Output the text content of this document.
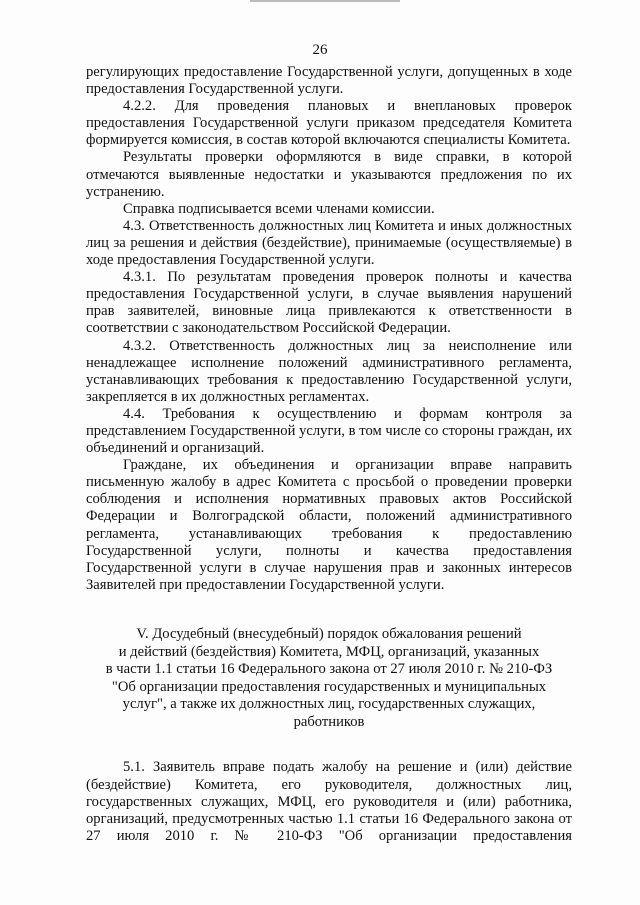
26

регулирующих предоставление Государственной услуги, допущенных в ходе предоставления Государственной услуги.

4.2.2. Для проведения плановых и внеплановых проверок предоставления Государственной услуги приказом председателя Комитета формируется комиссия, в состав которой включаются специалисты Комитета.

Результаты проверки оформляются в виде справки, в которой отмечаются выявленные недостатки и указываются предложения по их устранению.

Справка подписывается всеми членами комиссии.

4.3. Ответственность должностных лиц Комитета и иных должностных лиц за решения и действия (бездействие), принимаемые (осуществляемые) в ходе предоставления Государственной услуги.

4.3.1. По результатам проведения проверок полноты и качества предоставления Государственной услуги, в случае выявления нарушений прав заявителей, виновные лица привлекаются к ответственности в соответствии с законодательством Российской Федерации.

4.3.2. Ответственность должностных лиц за неисполнение или ненадлежащее исполнение положений административного регламента, устанавливающих требования к предоставлению Государственной услуги, закрепляется в их должностных регламентах.

4.4. Требования к осуществлению и формам контроля за представлением Государственной услуги, в том числе со стороны граждан, их объединений и организаций.

Граждане, их объединения и организации вправе направить письменную жалобу в адрес Комитета с просьбой о проведении проверки соблюдения и исполнения нормативных правовых актов Российской Федерации и Волгоградской области, положений административного регламента, устанавливающих требования к предоставлению Государственной услуги, полноты и качества предоставления Государственной услуги в случае нарушения прав и законных интересов Заявителей при предоставлении Государственной услуги.

V. Досудебный (внесудебный) порядок обжалования решений
и действий (бездействия) Комитета, МФЦ, организаций, указанных
в части 1.1 статьи 16 Федерального закона от 27 июля 2010 г. № 210-ФЗ
"Об организации предоставления государственных и муниципальных
услуг", а также их должностных лиц, государственных служащих,
работников

5.1. Заявитель вправе подать жалобу на решение и (или) действие (бездействие) Комитета, его руководителя, должностных лиц, государственных служащих, МФЦ, его руководителя и (или) работника, организаций, предусмотренных частью 1.1 статьи 16 Федерального закона от 27 июля 2010 г. № 210-ФЗ "Об организации предоставления
